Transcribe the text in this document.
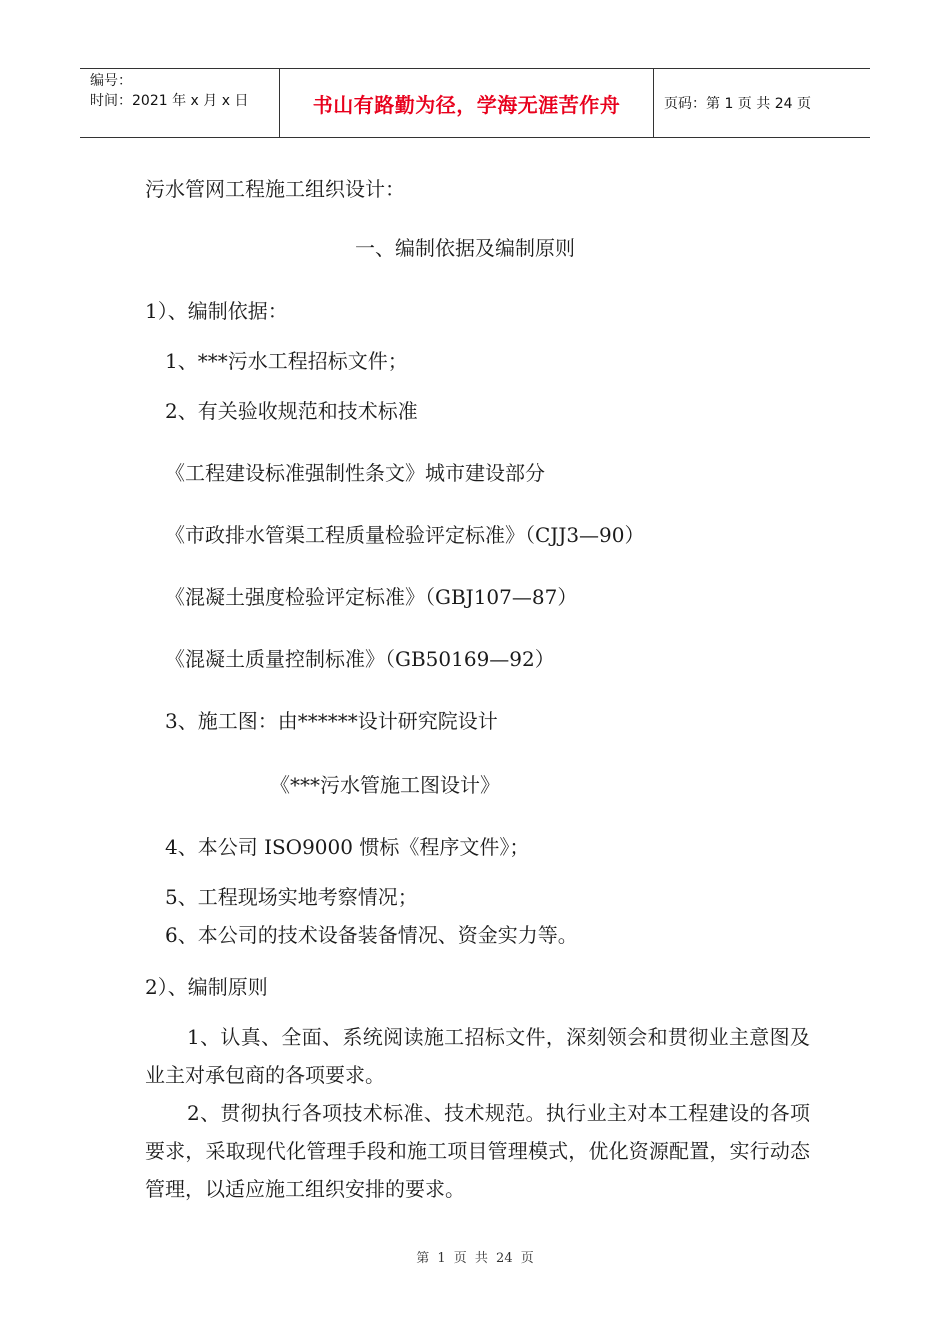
编号：
时间：2021 年 x 月 x 日	书山有路勤为径，学海无涯苦作舟	页码：第 1 页 共 24 页
污水管网工程施工组织设计：
一、编制依据及编制原则
1）、编制依据：
1、***污水工程招标文件；
2、有关验收规范和技术标准
《工程建设标准强制性条文》城市建设部分
《市政排水管渠工程质量检验评定标准》（CJJ3—90）
《混凝土强度检验评定标准》（GBJ107—87）
《混凝土质量控制标准》（GB50169—92）
3、施工图：由******设计研究院设计
《***污水管施工图设计》
4、本公司 ISO9000 惯标《程序文件》；
5、工程现场实地考察情况；
6、本公司的技术设备装备情况、资金实力等。
2）、编制原则
1、认真、全面、系统阅读施工招标文件，深刻领会和贯彻业主意图及业主对承包商的各项要求。
2、贯彻执行各项技术标准、技术规范。执行业主对本工程建设的各项要求，采取现代化管理手段和施工项目管理模式，优化资源配置，实行动态管理，以适应施工组织安排的要求。
第 1 页 共 24 页
